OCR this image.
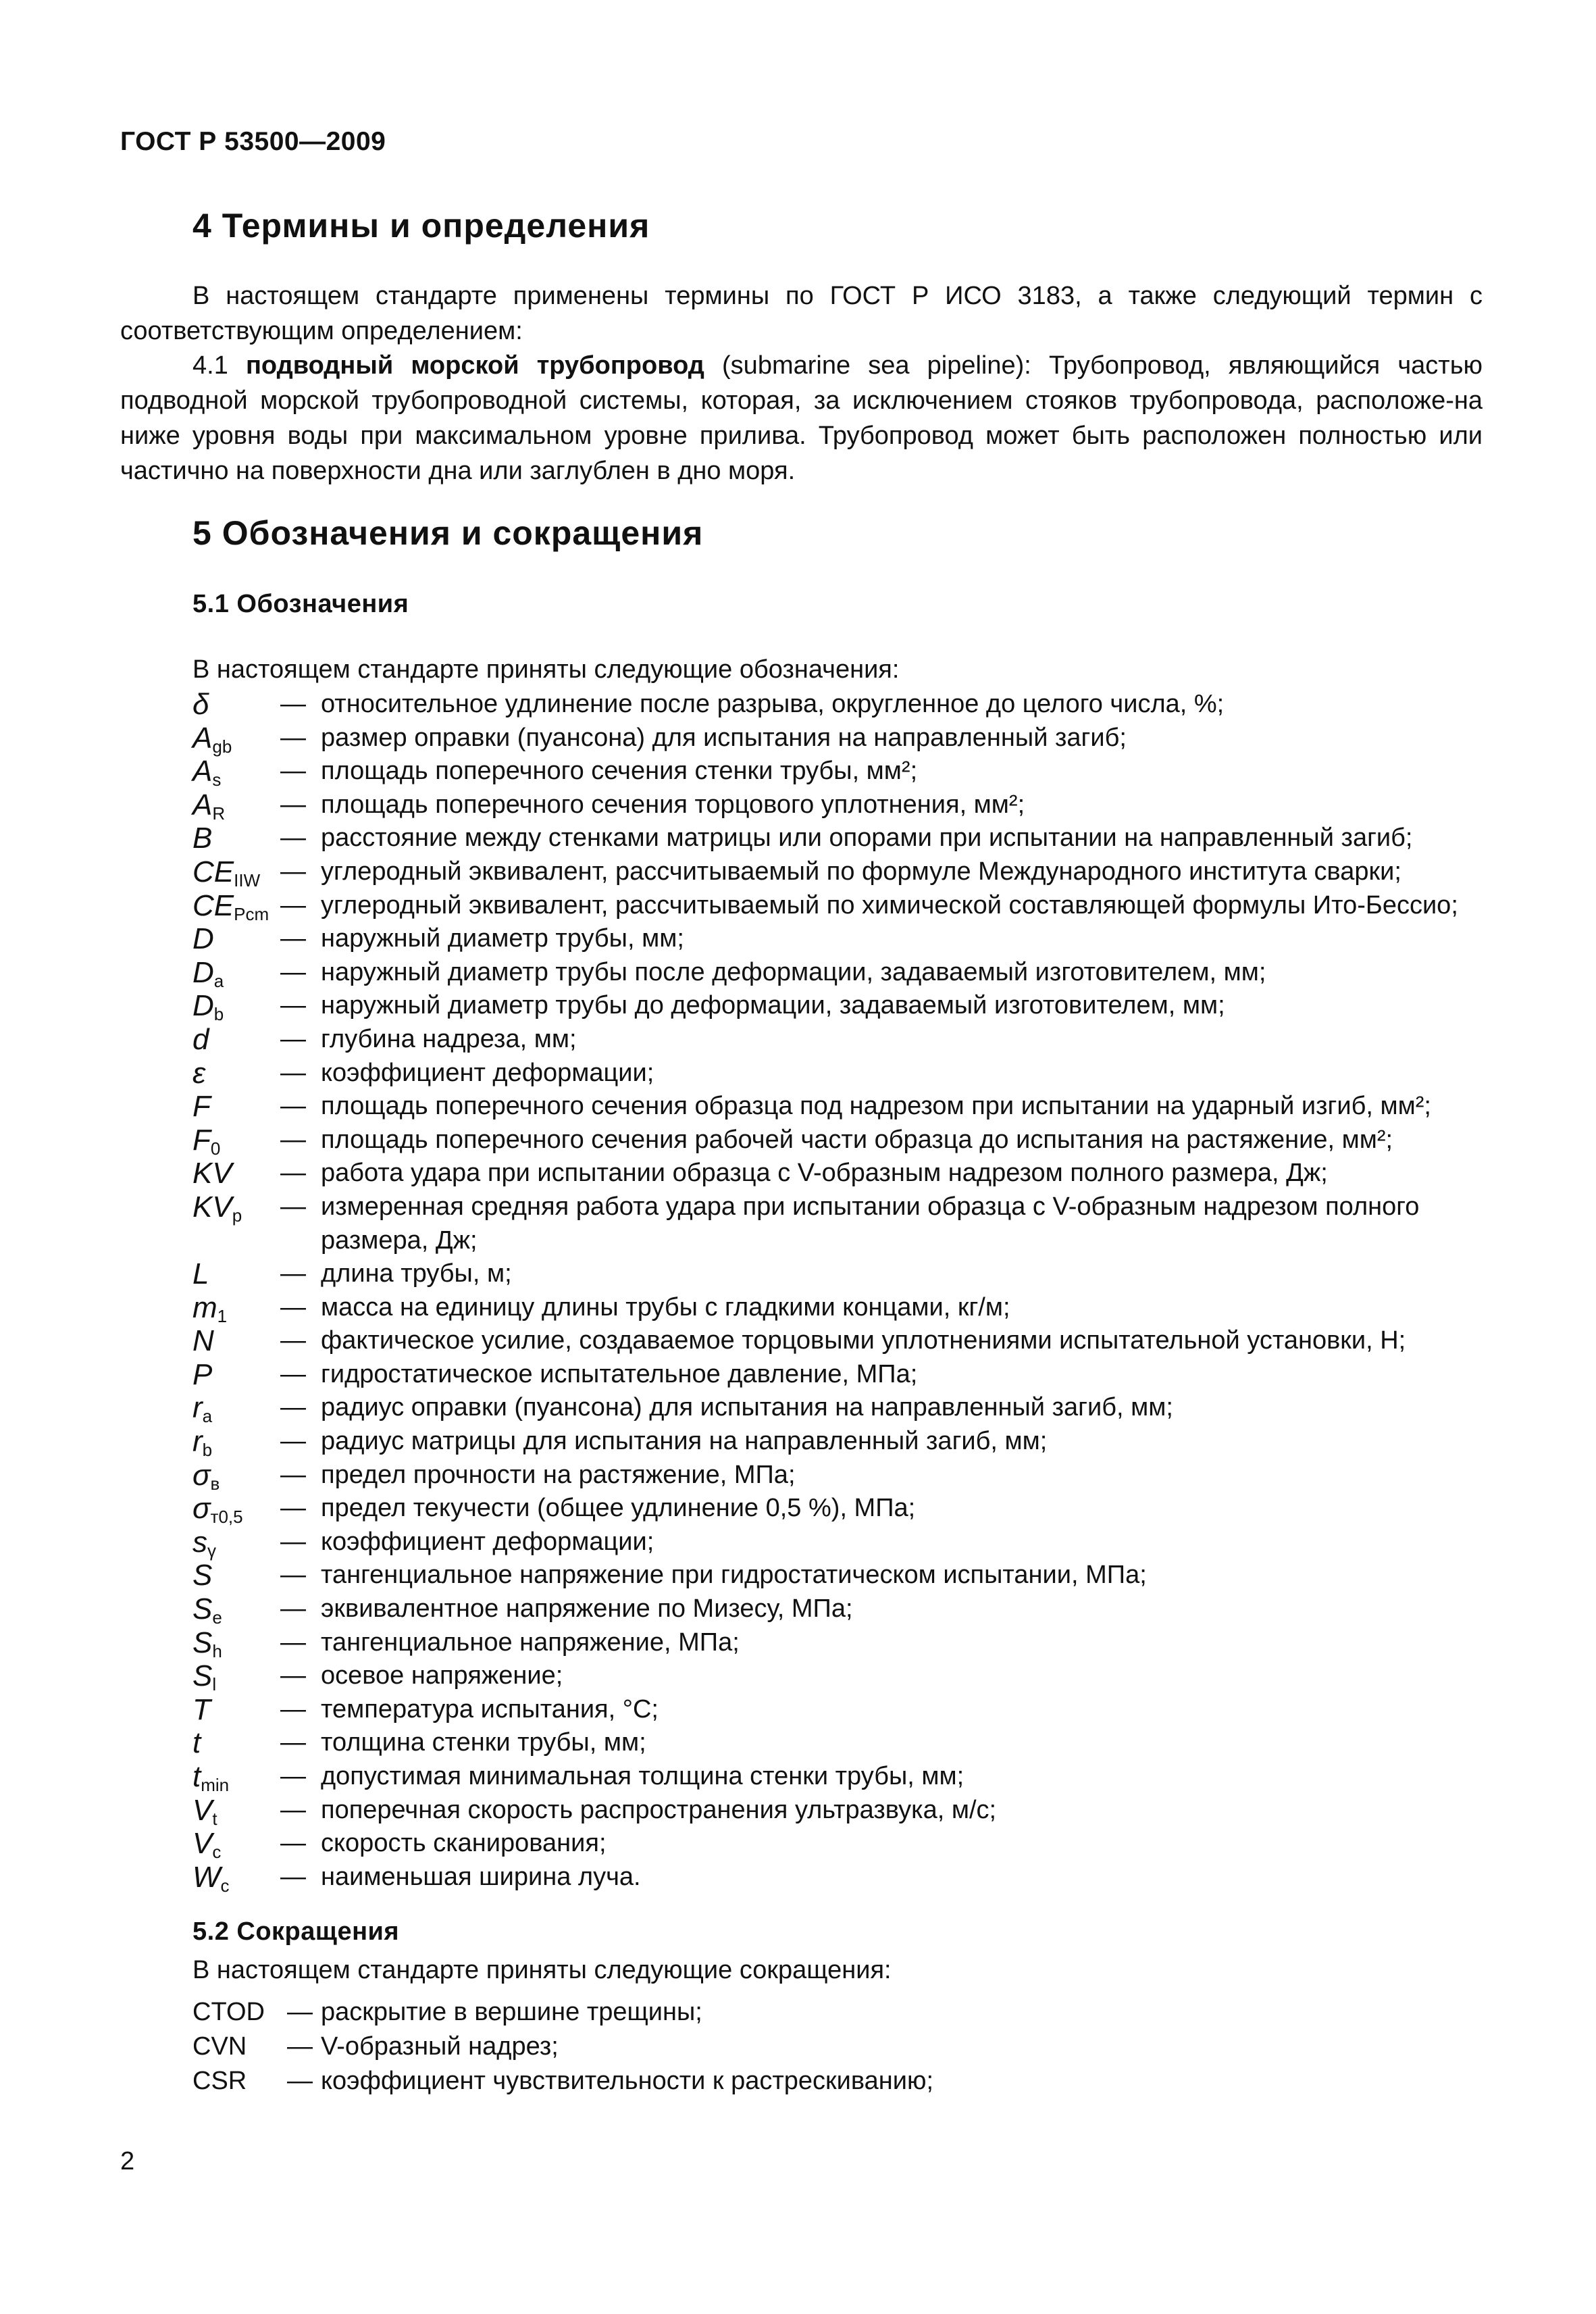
ГОСТ Р 53500—2009
4 Термины и определения
В настоящем стандарте применены термины по ГОСТ Р ИСО 3183, а также следующий термин с соответствующим определением:
4.1 подводный морской трубопровод (submarine sea pipeline): Трубопровод, являющийся частью подводной морской трубопроводной системы, которая, за исключением стояков трубопровода, расположе-на ниже уровня воды при максимальном уровне прилива. Трубопровод может быть расположен полностью или частично на поверхности дна или заглублен в дно моря.
5 Обозначения и сокращения
5.1 Обозначения
В настоящем стандарте приняты следующие обозначения:
δ	— относительное удлинение после разрыва, округленное до целого числа, %;
$A_{gb}$	— размер оправки (пуансона) для испытания на направленный загиб;
$A_s$	— площадь поперечного сечения стенки трубы, мм²;
$A_R$	— площадь поперечного сечения торцового уплотнения, мм²;
B	— расстояние между стенками матрицы или опорами при испытании на направленный загиб;
$CE_{IIW}$ — углеродный эквивалент, рассчитываемый по формуле Международного института сварки;
$CE_{Pcm}$ — углеродный эквивалент, рассчитываемый по химической составляющей формулы Ито-Бессио;
D	— наружный диаметр трубы, мм;
$D_a$	— наружный диаметр трубы после деформации, задаваемый изготовителем, мм;
$D_b$	— наружный диаметр трубы до деформации, задаваемый изготовителем, мм;
d	— глубина надреза, мм;
ε	— коэффициент деформации;
F	— площадь поперечного сечения образца под надрезом при испытании на ударный изгиб, мм²;
$F_0$	— площадь поперечного сечения рабочей части образца до испытания на растяжение, мм²;
KV	— работа удара при испытании образца с V-образным надрезом полного размера, Дж;
$KV_p$	— измеренная средняя работа удара при испытании образца с V-образным надрезом полного размера, Дж;
L	— длина трубы, м;
$m_1$	— масса на единицу длины трубы с гладкими концами, кг/м;
N	— фактическое усилие, создаваемое торцовыми уплотнениями испытательной установки, Н;
P	— гидростатическое испытательное давление, МПа;
$r_a$	— радиус оправки (пуансона) для испытания на направленный загиб, мм;
$r_b$	— радиус матрицы для испытания на направленный загиб, мм;
$\sigma_в$	— предел прочности на растяжение, МПа;
$\sigma_{т0,5}$	— предел текучести (общее удлинение 0,5 %), МПа;
$s_\gamma$	— коэффициент деформации;
S	— тангенциальное напряжение при гидростатическом испытании, МПа;
$S_e$	— эквивалентное напряжение по Мизесу, МПа;
$S_h$	— тангенциальное напряжение, МПа;
$S_l$	— осевое напряжение;
T	— температура испытания, °С;
t	— толщина стенки трубы, мм;
$t_{min}$	— допустимая минимальная толщина стенки трубы, мм;
$V_t$	— поперечная скорость распространения ультразвука, м/с;
$V_c$	— скорость сканирования;
$W_c$	— наименьшая ширина луча.
5.2 Сокращения
В настоящем стандарте приняты следующие сокращения:
CTOD — раскрытие в вершине трещины;
CVN — V-образный надрез;
CSR — коэффициент чувствительности к растрескиванию;
2
